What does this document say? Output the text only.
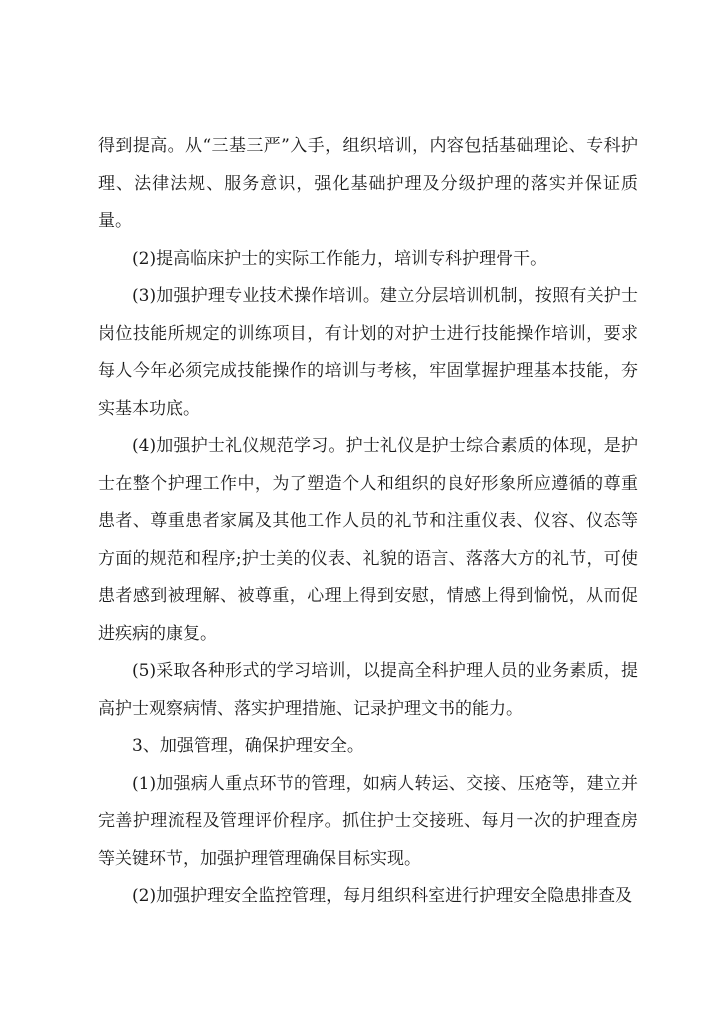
得到提高。从“三基三严”入手，组织培训，内容包括基础理论、专科护理、法律法规、服务意识，强化基础护理及分级护理的落实并保证质量。

(2)提高临床护士的实际工作能力，培训专科护理骨干。

(3)加强护理专业技术操作培训。建立分层培训机制，按照有关护士岗位技能所规定的训练项目，有计划的对护士进行技能操作培训，要求每人今年必须完成技能操作的培训与考核，牢固掌握护理基本技能，夯实基本功底。

(4)加强护士礼仪规范学习。护士礼仪是护士综合素质的体现，是护士在整个护理工作中，为了塑造个人和组织的良好形象所应遵循的尊重患者、尊重患者家属及其他工作人员的礼节和注重仪表、仪容、仪态等方面的规范和程序;护士美的仪表、礼貌的语言、落落大方的礼节，可使患者感到被理解、被尊重，心理上得到安慰，情感上得到愉悦，从而促进疾病的康复。

(5)采取各种形式的学习培训，以提高全科护理人员的业务素质，提高护士观察病情、落实护理措施、记录护理文书的能力。

3、加强管理，确保护理安全。

(1)加强病人重点环节的管理，如病人转运、交接、压疮等，建立并完善护理流程及管理评价程序。抓住护士交接班、每月一次的护理查房等关键环节，加强护理管理确保目标实现。

(2)加强护理安全监控管理，每月组织科室进行护理安全隐患排查及
